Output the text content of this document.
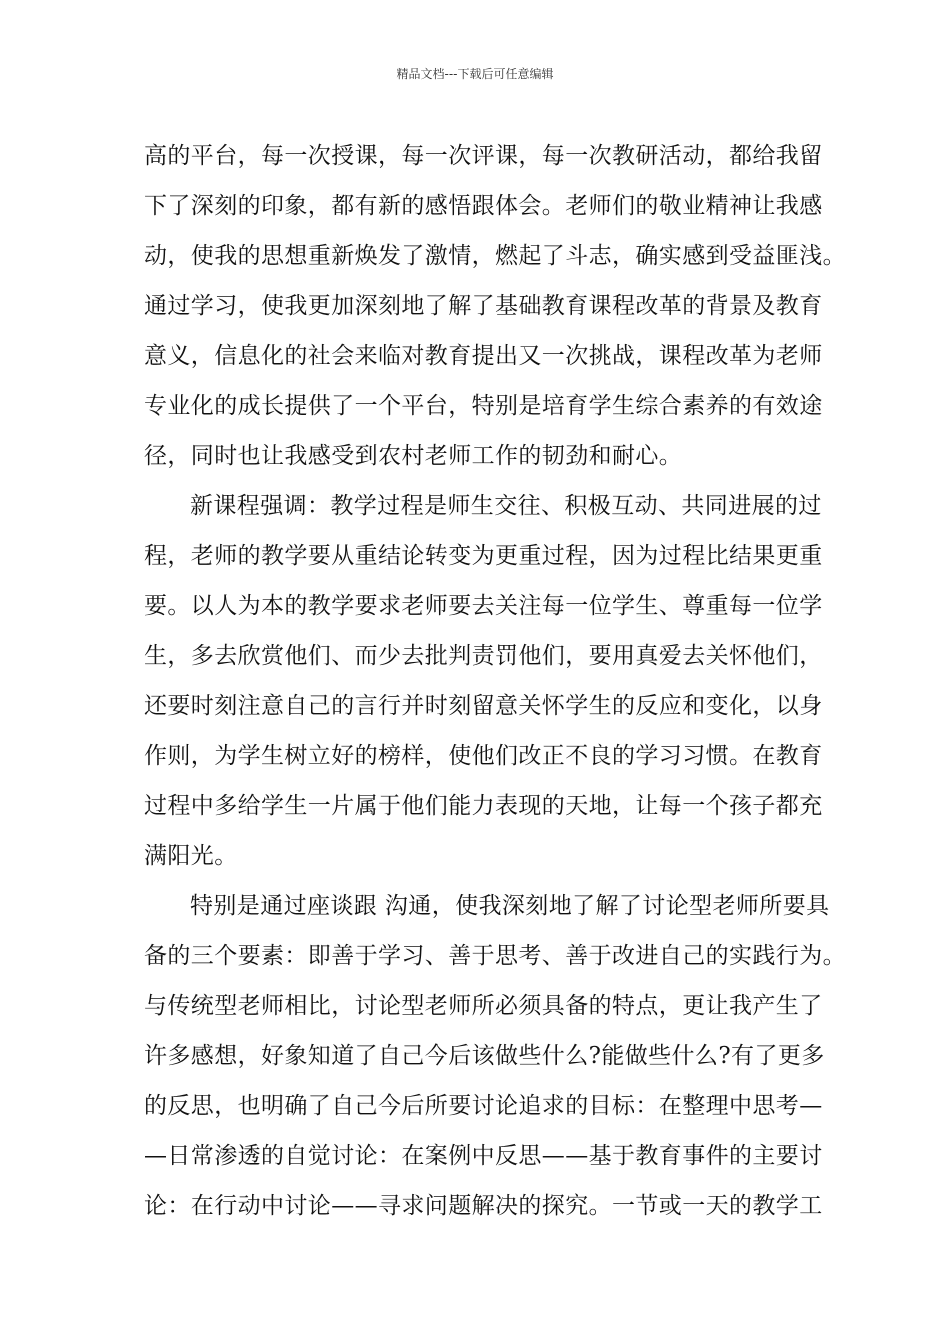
精品文档---下载后可任意编辑
高的平台，每一次授课，每一次评课，每一次教研活动，都给我留
下了深刻的印象，都有新的感悟跟体会。老师们的敬业精神让我感
动，使我的思想重新焕发了激情，燃起了斗志，确实感到受益匪浅。
通过学习，使我更加深刻地了解了基础教育课程改革的背景及教育
意义，信息化的社会来临对教育提出又一次挑战，课程改革为老师
专业化的成长提供了一个平台，特别是培育学生综合素养的有效途
径，同时也让我感受到农村老师工作的韧劲和耐心。
新课程强调：教学过程是师生交往、积极互动、共同进展的过
程，老师的教学要从重结论转变为更重过程，因为过程比结果更重
要。以人为本的教学要求老师要去关注每一位学生、尊重每一位学
生，多去欣赏他们、而少去批判责罚他们，要用真爱去关怀他们，
还要时刻注意自己的言行并时刻留意关怀学生的反应和变化，以身
作则，为学生树立好的榜样，使他们改正不良的学习习惯。在教育
过程中多给学生一片属于他们能力表现的天地，让每一个孩子都充
满阳光。
特别是通过座谈跟 沟通，使我深刻地了解了讨论型老师所要具
备的三个要素：即善于学习、善于思考、善于改进自己的实践行为。
与传统型老师相比，讨论型老师所必须具备的特点，更让我产生了
许多感想，好象知道了自己今后该做些什么?能做些什么?有了更多
的反思，也明确了自己今后所要讨论追求的目标：在整理中思考—
—日常渗透的自觉讨论：在案例中反思——基于教育事件的主要讨
论：在行动中讨论——寻求问题解决的探究。一节或一天的教学工
